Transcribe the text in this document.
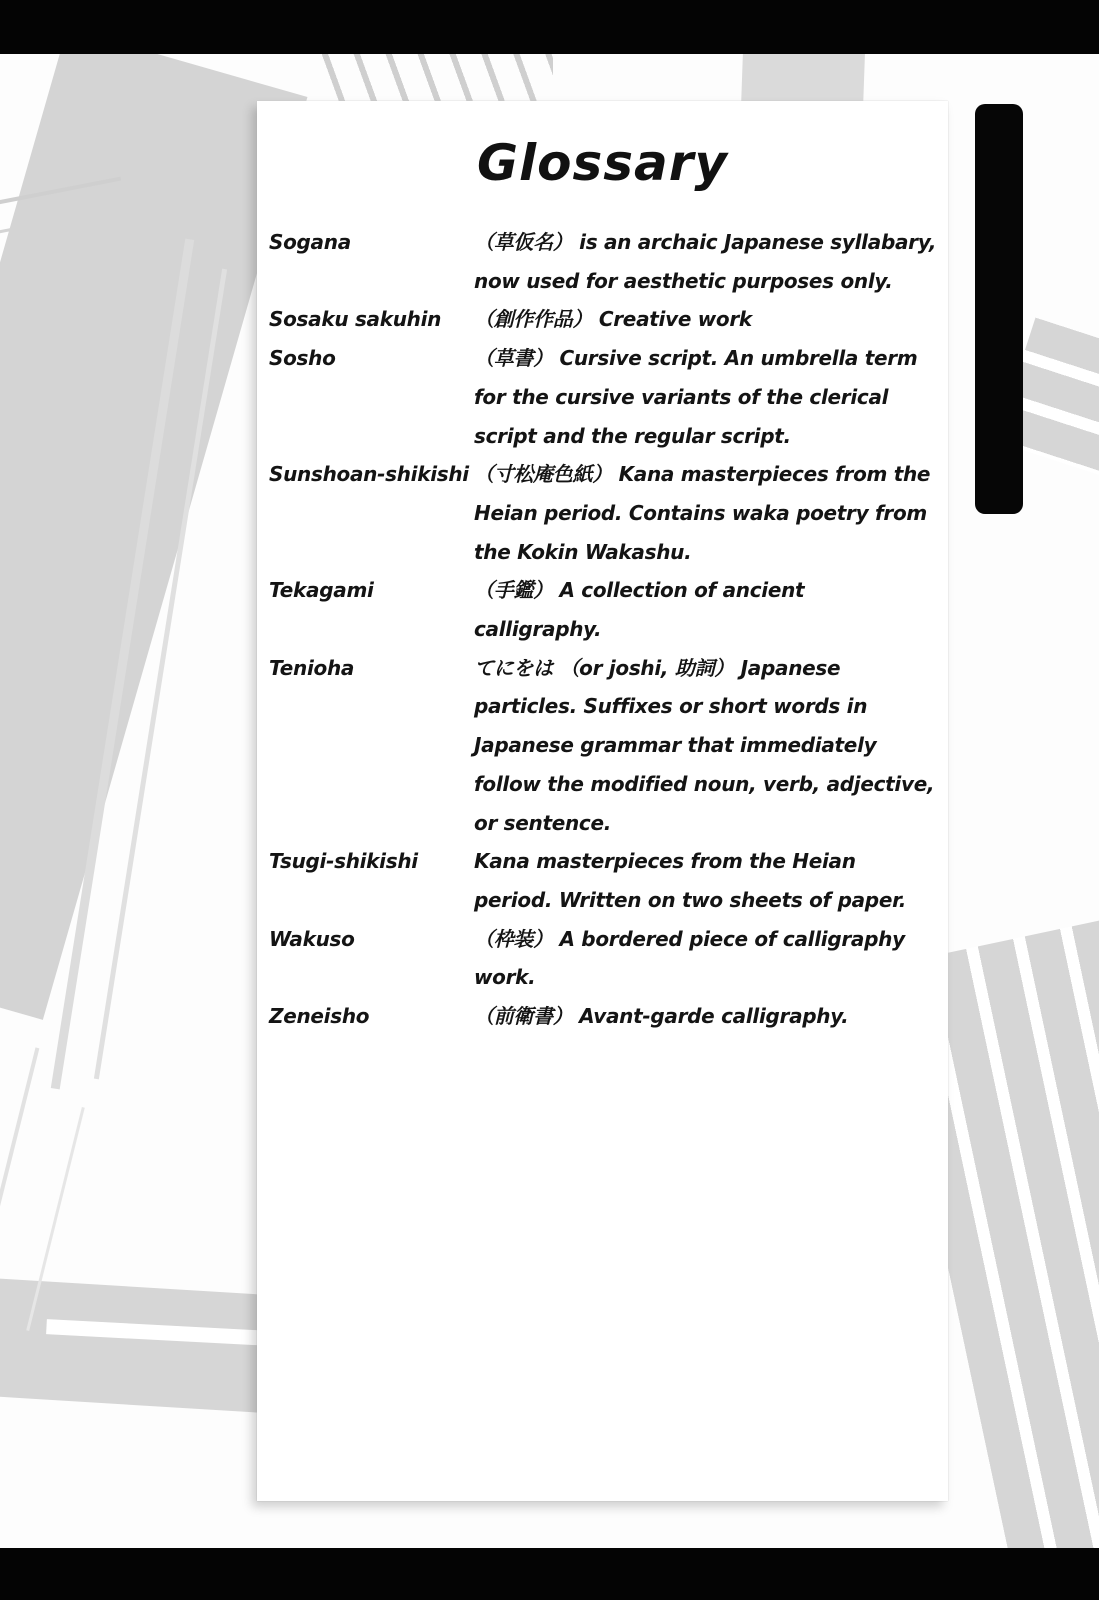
Glossary
Sogana	（草仮名） is an archaic Japanese syllabary, now used for aesthetic purposes only.
Sosaku sakuhin	（創作作品） Creative work
Sosho	（草書） Cursive script. An umbrella term for the cursive variants of the clerical script and the regular script.
Sunshoan-shikishi （寸松庵色紙） Kana masterpieces from the Heian period. Contains waka poetry from the Kokin Wakashu.
Tekagami	（手鑑） A collection of ancient calligraphy.
Tenioha	てにをは （or joshi, 助詞） Japanese particles. Suffixes or short words in Japanese grammar that immediately follow the modified noun, verb, adjective, or sentence.
Tsugi-shikishi	Kana masterpieces from the Heian period. Written on two sheets of paper.
Wakuso	（枠装） A bordered piece of calligraphy work.
Zeneisho	（前衛書） Avant-garde calligraphy.
